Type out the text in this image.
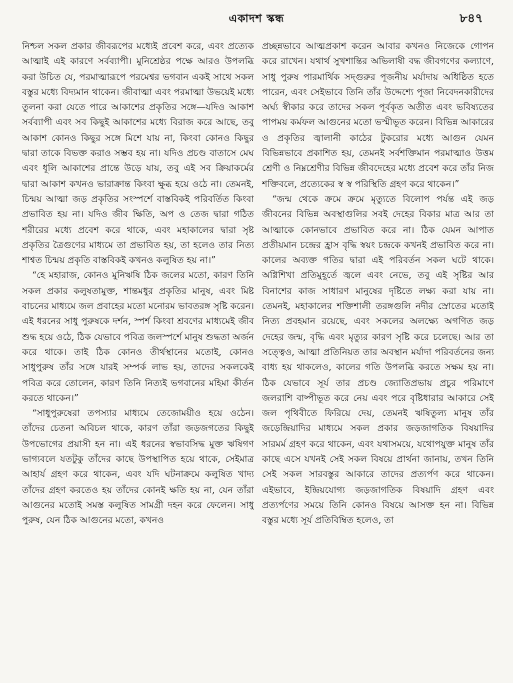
একাদশ স্কন্ধ	৮৪৭

নিশ্চল সকল প্রকার জীবরূপের মধ্যেই প্রবেশ করে, এবং প্রত্যেক আত্মাই এই কারণে সর্বব্যাপী। মুনিশ্রেষ্ঠর পক্ষে আরও উপলব্ধি করা উচিত যে, পরমাত্মারূপে পরমেশ্বর ভগবান একই সাথে সকল বস্তুর মধ্যে বিদ্যমান থাকেন। জীবাত্মা এবং পরমাত্মা উভয়েই মধ্যে তুলনা করা যেতে পারে আকাশের প্রকৃতির সঙ্গে—যদিও আকাশ সর্বব্যাপী এবং সব কিছুই আকাশের মধ্যে বিরাজ করে আছে, তবু আকাশ কোনও কিছুর সঙ্গে মিশে যায় না, কিংবা কোনও কিছুর দ্বারা তাকে বিভক্ত করাও সম্ভব হয় না। যদিও প্রচণ্ড বাতাসে মেঘ এবং ধূলি আকাশের প্রান্তে উড়ে যায়, তবু এই সব ক্রিয়াকর্মের দ্বারা আকাশ কখনও ভারাক্রান্ত কিংবা ক্ষুব্ধ হয়ে ওঠে না। তেমনই, চিন্ময় আত্মা জড় প্রকৃতির সংস্পর্শে বাস্তবিকই পরিবর্তিত কিংবা প্রভাবিত হয় না। যদিও জীব ক্ষিতি, অপ ও তেজ দ্বারা গঠিত শরীরের মধ্যে প্রবেশ করে থাকে, এবং মহাকালের দ্বারা সৃষ্ট প্রকৃতির ত্রৈগুণের মাধ্যমে তা প্রভাবিত হয়, তা হলেও তার নিত্য শাশ্বত চিন্ময় প্রকৃতি বাস্তবিকই কখনও কলুষিত হয় না।”

“হে মহারাজ, কোনও মুনিঋষি ঠিক জলের মতো, কারণ তিনি সকল প্রকার কলুষতামুক্ত, শান্তমধুর প্রকৃতির মানুষ, এবং মিষ্ট বাচনের মাধ্যমে জল প্রবাহের মতো মনোরম ভাবতরঙ্গ সৃষ্টি করেন। এই ধরনের সাধু পুরুষকে দর্শন, স্পর্শ কিংবা শ্রবণের মাধ্যমেই জীব শুদ্ধ হয়ে ওঠে, ঠিক যেভাবে পবিত্র জলস্পর্শে মানুষ শুদ্ধতা অর্জন করে থাকে। তাই ঠিক কোনও তীর্থস্থানের মতোই, কোনও সাধুপুরুষ তাঁর সঙ্গে যারই সম্পর্ক লাভ হয়, তাদের সকলকেই পবিত্র করে তোলেন, কারণ তিনি নিত্যই ভগবানের মহিমা কীর্তন করতে থাকেন।”

“সাধুপুরুষেরা তপস্যার মাধ্যমে তেজোময়ীও হয়ে ওঠেন। তাঁদের চেতনা অবিচল থাকে, কারণ তাঁরা জড়জগতের কিছুই উপভোগের প্রয়াসী হন না। এই ধরনের স্বভাবসিদ্ধ মুক্ত ঋষিগণ ভাগ্যবলে যতটুকু তাঁদের কাছে উপস্থাপিত হয়ে থাকে, সেইমাত্র আহার্য গ্রহণ করে থাকেন, এবং যদি ঘটনাক্রমে কলুষিত খাদ্য তাঁদের গ্রহণ করতেও হয় তাঁদের কোনই ক্ষতি হয় না, যেন তাঁরা আগুনের মতোই সমস্ত কলুষিত সামগ্রী দহন করে ফেলেন। সাধু পুরুষ, যেন ঠিক আগুনের মতো, কখনও

প্রচ্ছন্নভাবে আত্মপ্রকাশ করেন আবার কখনও নিজেকে গোপন করে রাখেন। যথার্থ সুখশান্তির অভিলাষী বদ্ধ জীবগণের কল্যাণে, সাধু পুরুষ পারমার্থিক সদ্গুরুর পূজনীয় মর্যাদায় অধিষ্ঠিত হতে পারেন, এবং সেইভাবে তিনি তাঁর উদ্দেশ্যে পূজা নিবেদনকারীদের অর্ঘ্য স্বীকার করে তাদের সকল পূর্বকৃত অতীত এবং ভবিষ্যতের পাপময় কর্মফল আগুনের মতো ভস্মীভূত করেন। বিভিন্ন আকারের ও প্রকৃতির জ্বালানী কাঠের টুকরোর মধ্যে আগুন যেমন বিভিন্নভাবে প্রকাশিত হয়, তেমনই সর্বশক্তিমান পরমাত্মাও উত্তম শ্রেণী ও নিম্নশ্রেণীর বিভিন্ন জীবদেহের মধ্যে প্রবেশ করে তাঁর নিজ শক্তিবলে, প্রত্যেকের স্ব স্ব পরিস্থিতি গ্রহণ করে থাকেন।”

“জন্ম থেকে ক্রমে ক্রমে মৃত্যুতে বিলোপ পর্যন্ত এই জড় জীবনের বিভিন্ন অবস্থাগুলির সবই দেহের বিকার মাত্র আর তা আত্মাকে কোনভাবে প্রভাবিত করে না। ঠিক যেমন আপাত প্রতীয়মান চন্দ্রের হ্রাস বৃদ্ধি স্বয়ং চন্দ্রকে কখনই প্রভাবিত করে না। কালের অব্যক্ত গতির দ্বারা এই পরিবর্তন সকল ঘটে থাকে। অগ্নিশিখা প্রতিমুহূর্তে জ্বলে এবং নেভে, তবু এই সৃষ্টির আর বিনাশের কাজ সাধারণ মানুষের দৃষ্টিতে লক্ষ্য করা যায় না। তেমনই, মহাকালের শক্তিশালী তরঙ্গগুলি নদীর স্রোতের মতোই নিত্য প্রবহমান রয়েছে, এবং সকলের অলক্ষ্যে অগণিত জড় দেহের জন্ম, বৃদ্ধি এবং মৃত্যুর কারণ সৃষ্টি করে চলেছে। আর তা সত্ত্বেও, আত্মা প্রতিনিয়ত তার অবস্থান মর্যাদা পরিবর্তনের জন্য বাধ্য হয় থাকলেও, কালের গতি উপলব্ধি করতে সক্ষম হয় না। ঠিক যেভাবে সূর্য তার প্রচণ্ড জ্যোতিপ্রভায় প্রচুর পরিমাণে জলরাশি বাষ্পীভূত করে নেয় এবং পরে বৃষ্টিধারার আকারে সেই জল পৃথিবীতে ফিরিয়ে দেয়, তেমনই ঋষিতুল্য মানুষ তাঁর জড়েন্দ্রিয়াদির মাধ্যমে সকল প্রকার জড়জাগতিক বিষয়াদির সারমর্ম গ্রহণ করে থাকেন, এবং যথাসময়ে, যথোপযুক্ত মানুষ তাঁর কাছে এসে যখনই সেই সকল বিষয়ে প্রার্থনা জানায়, তখন তিনি সেই সকল সারবস্তুর আকারে তাদের প্রত্যর্পণ করে থাকেন। এইভাবে, ইন্দ্রিয়যোগ্য জড়জাগতিক বিষয়াদি গ্রহণ এবং প্রত্যর্পণের সময়ে তিনি কোনও বিষয়ে আসক্ত হন না। বিভিন্ন বস্তুর মধ্যে সূর্য প্রতিবিম্বিত হলেও, তা
